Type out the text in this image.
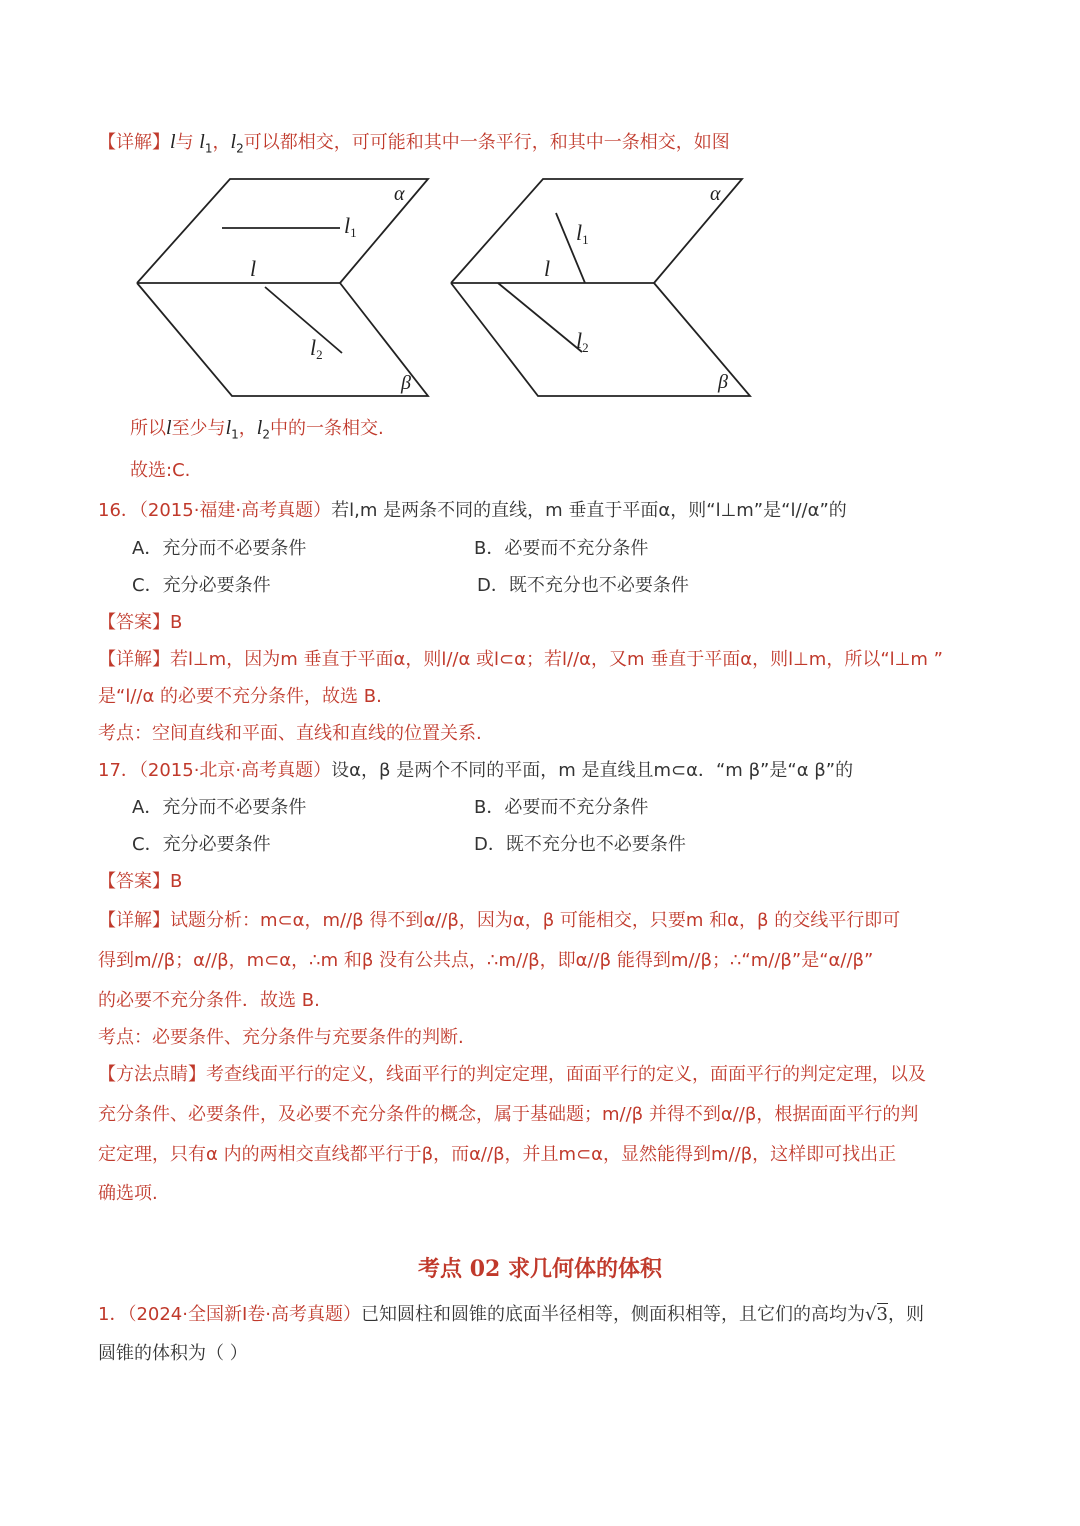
【详解】l与 $l_1$，$l_2$可以都相交，可可能和其中一条平行，和其中一条相交，如图
α
β
l
l1
l2
α
β
l
l1
l2
所以l至少与$l_1$，$l_2$中的一条相交.
故选:C.
16．（2015·福建·高考真题）若l,m 是两条不同的直线，m 垂直于平面α，则“l⊥m”是“l//α”的
A．充分而不必要条件	B．必要而不充分条件
C．充分必要条件	D．既不充分也不必要条件
【答案】B
【详解】若l⊥m，因为m 垂直于平面α，则l//α 或l⊂α；若l//α，又m 垂直于平面α，则l⊥m，所以“l⊥m ”
是“l//α 的必要不充分条件，故选 B.
考点：空间直线和平面、直线和直线的位置关系.
17．（2015·北京·高考真题）设α，β 是两个不同的平面，m 是直线且m⊂α．“m β”是“α β”的
A．充分而不必要条件	B．必要而不充分条件
C．充分必要条件	D．既不充分也不必要条件
【答案】B
【详解】试题分析：m⊂α，m//β 得不到α//β，因为α，β 可能相交，只要m 和α，β 的交线平行即可
得到m//β；α//β，m⊂α，∴m 和β 没有公共点，∴m//β，即α//β 能得到m//β；∴“m//β”是“α//β”
的必要不充分条件．故选 B.
考点：必要条件、充分条件与充要条件的判断.
【方法点睛】考查线面平行的定义，线面平行的判定定理，面面平行的定义，面面平行的判定定理，以及
充分条件、必要条件，及必要不充分条件的概念，属于基础题；m//β 并得不到α//β，根据面面平行的判
定定理，只有α 内的两相交直线都平行于β，而α//β，并且m⊂α，显然能得到m//β，这样即可找出正
确选项.
考点 02 求几何体的体积
1．（2024·全国新Ⅰ卷·高考真题）已知圆柱和圆锥的底面半径相等，侧面积相等，且它们的高均为√3，则
圆锥的体积为（ ）
